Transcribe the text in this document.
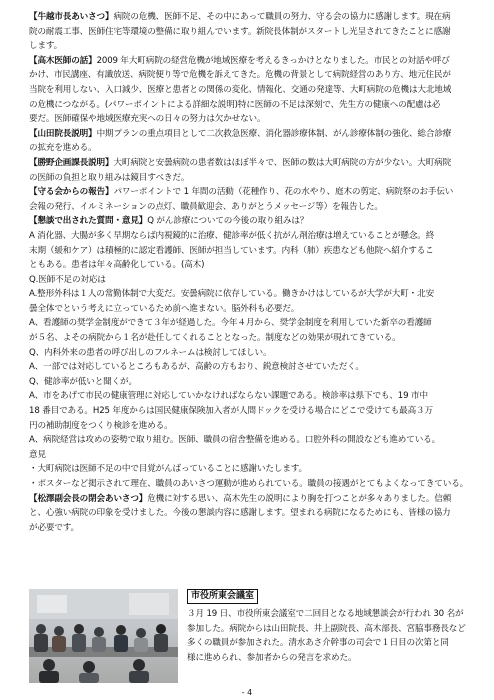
【牛越市長あいさつ】病院の危機、医師不足、その中にあって職員の努力、守る会の協力に感謝します。現在病
院の耐震工事、医師住宅等環境の整備に取り組んでいます。新院長体制がスタートし光呈されてきたことに感謝
します。
【高木医師の話】2009 年大町病院の経営危機が地域医療を考えるきっかけとなりました。市民との対話や呼び
かけ、市民講座、有識放送、病院便り等で危機を訴えてきた。危機の背景として病院経営のあり方、地元住民が
当院を利用しない、入口減少、医療と患者との関係の変化、情報化、交通の発達等、大町病院の危機は大北地域
の危機につながる。(パワーポイントによる詳細な説明)特に医師の不足は深刻で、先生方の健康への配慮は必
要だ。医師確保や地域医療充実への日々の努力は欠かせない。
【山田院長説明】中期プランの重点項目として二次救急医療、消化器診療体制、がん診療体制の強化、総合診療
の拡充を進める。
【勝野企画課長説明】大町病院と安曇病院の患者数はほぼ半々で、医師の数は大町病院の方が少ない。大町病院
の医師の負担と取り組みは鏡目すべきだ。
【守る会からの報告】パワーポイントで 1 年間の活動（花種作り、花の水やり、庭木の剪定、病院祭のお手伝い
会報の発行、イルミネーションの点灯、職員歓迎会、ありがとうメッセージ等）を報告した。
【懇談で出された質問・意見】Q がん診療についての今後の取り組みは？
A 消化器、大腸が多く早期ならば内視鏡的に治療、健診率が低く抗がん剤治療は増えていることが懸念。終
末期（緩和ケア）は積極的に認定看護師、医師が担当しています。内科（肺）疾患なども他院へ紹介するこ
ともある。患者は年々高齢化している。(高木)
Q.医師不足の対応は
A.整形外科は１人の常勤体制で大変だ。安曇病院に依存している。働きかけはしているが大学が大町・北安
曇全体でという考えに立っているため前へ進まない。脳外科も必要だ。
A、看護師の奨学金制度ができて３年が経過した。今年４月から、奨学金制度を利用していた新卒の看護師
が５名、よその病院から１名が赴任してくれることとなった。制度などの効果が現れてきている。
Q、内科外来の患者の呼び出しのフルネームは検討してほしい。
A、一部では対応しているところもあるが、高齢の方もおり、鋭意検討させていただく。
Q、健診率が低いと聞くが。
A、市をあげて市民の健康管理に対応していかなければならない課題である。検診率は県下でも、19 市中
18 番目である。H25 年度からは国民健康保険加入者が人間ドックを受ける場合にどこで受けても最高３万
円の補助制度をつくり検診を進める。
A、病院経営は攻めの姿勢で取り組む。医師、職員の宿舎整備を進める。口腔外科の開設なども進めている。
意見
・大町病院は医師不足の中で目覚がんばっていることに感謝いたします。
・ポスターなど掲示されて理在、職員のあいさつ運動が進められている。職員の接遇がとてもよくなってきている。
【松澤副会長の閉会あいさつ】危機に対する思い、高木先生の説明により胸を打つことが多々ありました。信頼
と、心強い病院の印象を受けました。今後の懇談内容に感謝します。望まれる病院になるためにも、皆様の協力
が必要です。
市役所東会議室
３月 19 日、市役所東会議室で二回目となる地域懇談会が行われ 30 名が
参加した。病院からは山田院長、井上副院長、高木部長、宮脇事務長など
多くの職員が参加された。清水あさ介幹事の司会で１日目の次第と同
様に進められ、参加者からの発言を求めた。
- 4
